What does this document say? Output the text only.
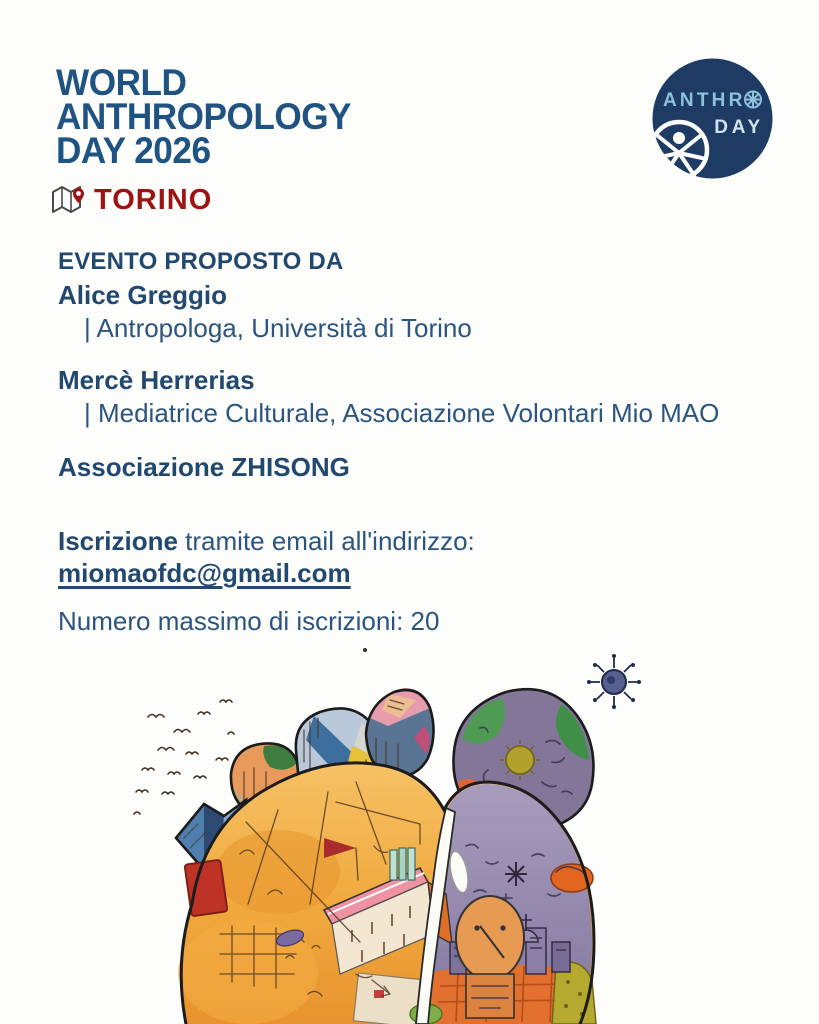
WORLD
ANTHROPOLOGY
DAY 2026
TORINO
ANTHR
DAY
EVENTO PROPOSTO DA
Alice Greggio
| Antropologa, Università di Torino
Mercè Herrerias
| Mediatrice Culturale, Associazione Volontari Mio MAO
Associazione ZHISONG
Iscrizione tramite email all'indirizzo:
miomaofdc@gmail.com
Numero massimo di iscrizioni: 20
